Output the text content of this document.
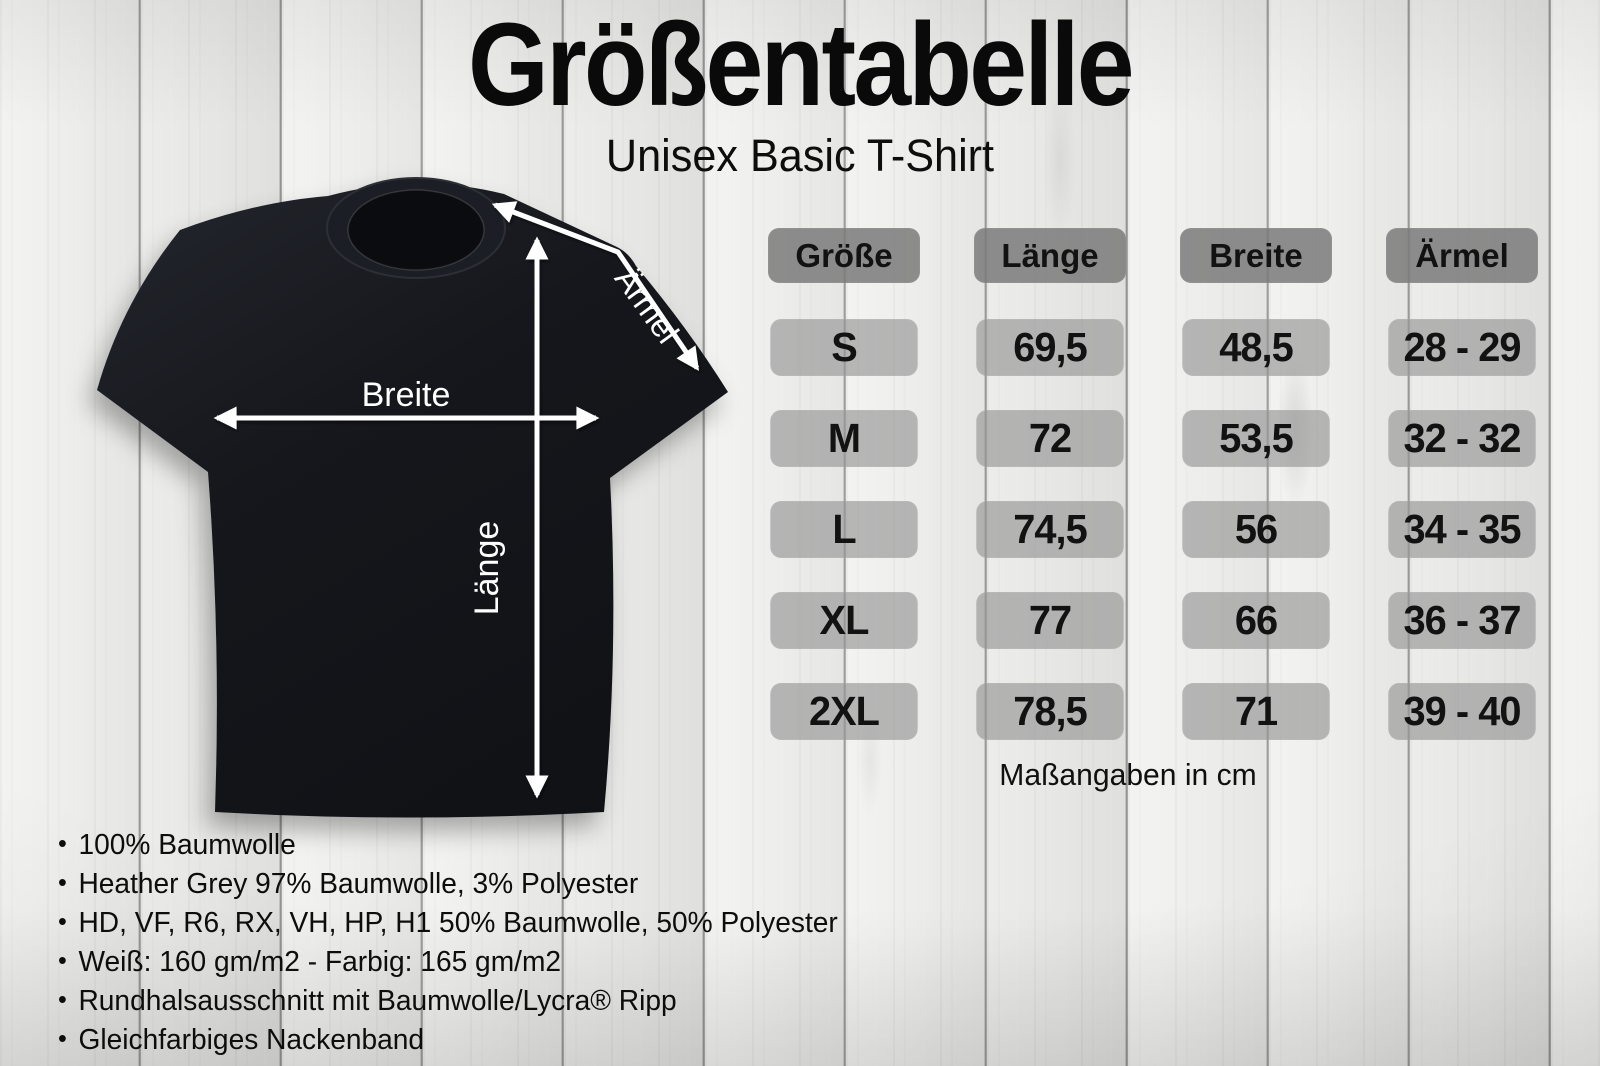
Größentabelle
Unisex Basic T-Shirt
Breite
Länge
Ärmel
Größe	Länge	Breite	Ärmel
S	69,5	48,5	28 - 29
M	72	53,5	32 - 32
L	74,5	56	34 - 35
XL	77	66	36 - 37
2XL	78,5	71	39 - 40
Maßangaben in cm
• 100% Baumwolle
• Heather Grey 97% Baumwolle, 3% Polyester
• HD, VF, R6, RX, VH, HP, H1 50% Baumwolle, 50% Polyester
• Weiß: 160 gm/m2 - Farbig: 165 gm/m2
• Rundhalsausschnitt mit Baumwolle/Lycra® Ripp
• Gleichfarbiges Nackenband
